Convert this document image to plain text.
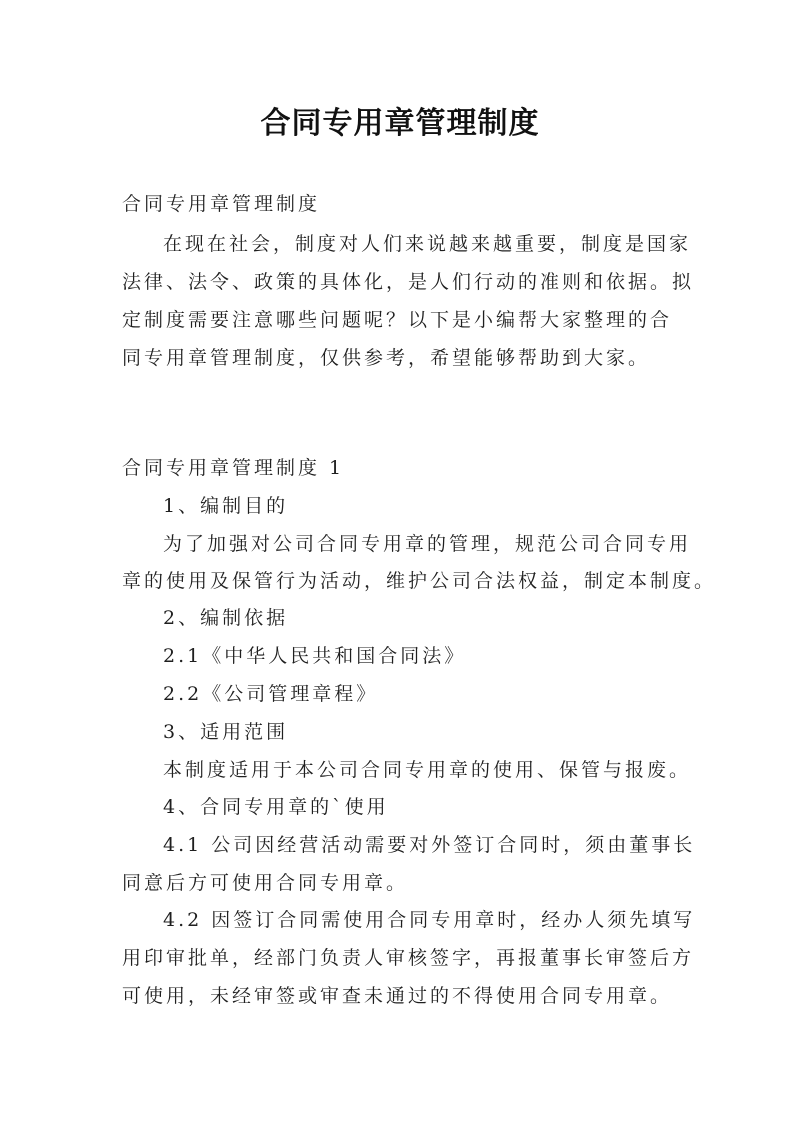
合同专用章管理制度
合同专用章管理制度
在现在社会，制度对人们来说越来越重要，制度是国家
法律、法令、政策的具体化，是人们行动的准则和依据。拟
定制度需要注意哪些问题呢？以下是小编帮大家整理的合
同专用章管理制度，仅供参考，希望能够帮助到大家。
合同专用章管理制度 1
1、编制目的
为了加强对公司合同专用章的管理，规范公司合同专用
章的使用及保管行为活动，维护公司合法权益，制定本制度。
2、编制依据
2.1《中华人民共和国合同法》
2.2《公司管理章程》
3、适用范围
本制度适用于本公司合同专用章的使用、保管与报废。
4、合同专用章的`使用
4.1 公司因经营活动需要对外签订合同时，须由董事长
同意后方可使用合同专用章。
4.2 因签订合同需使用合同专用章时，经办人须先填写
用印审批单，经部门负责人审核签字，再报董事长审签后方
可使用，未经审签或审查未通过的不得使用合同专用章。
